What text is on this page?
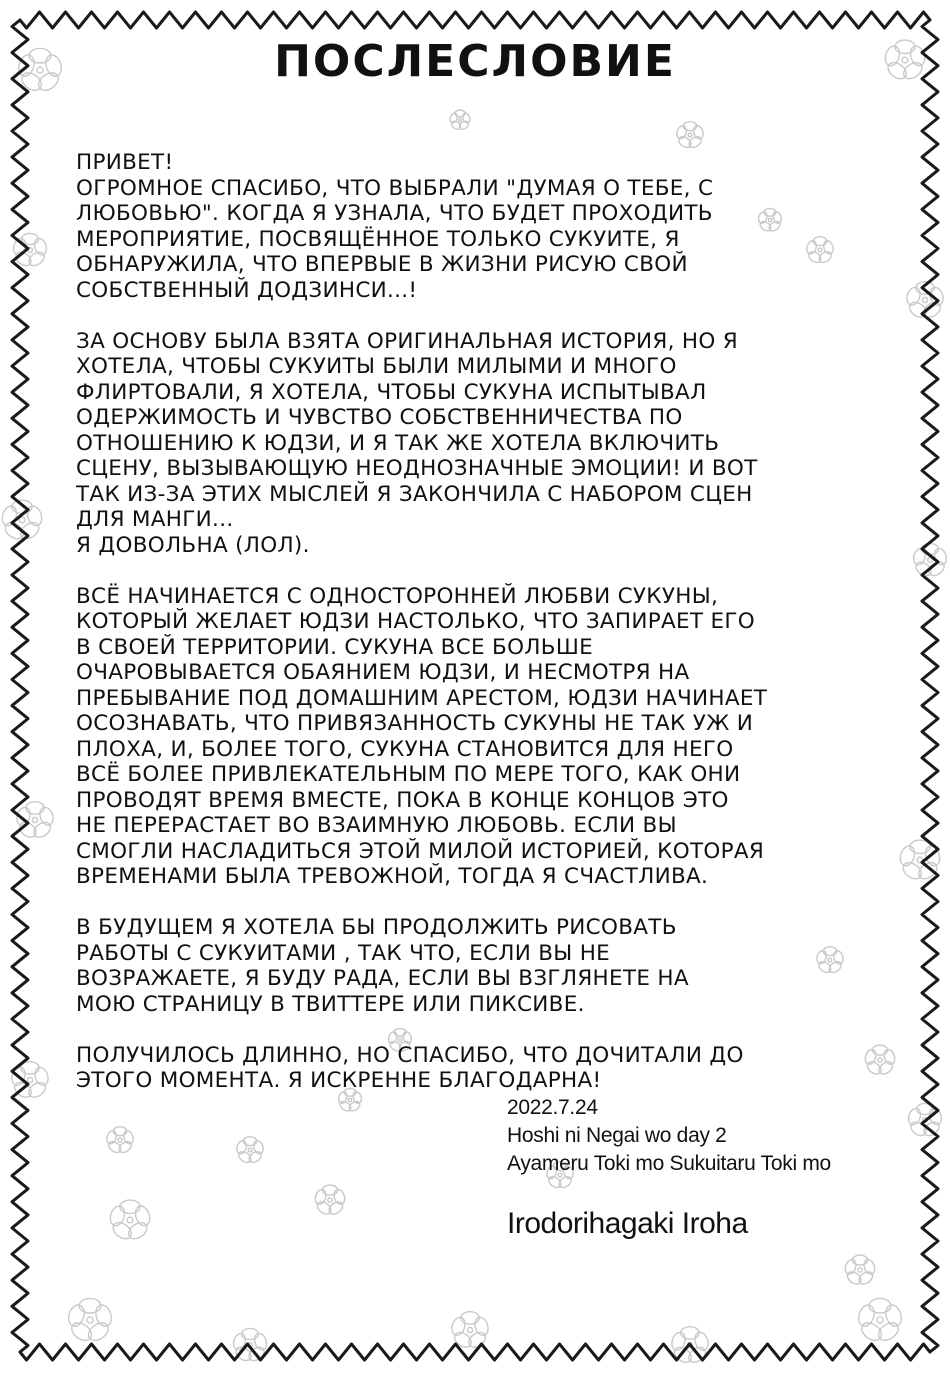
ПОСЛЕСЛОВИЕ

ПРИВЕТ!
ОГРОМНОЕ СПАСИБО, ЧТО ВЫБРАЛИ "ДУМАЯ О ТЕБЕ, С
ЛЮБОВЬЮ". КОГДА Я УЗНАЛА, ЧТО БУДЕТ ПРОХОДИТЬ
МЕРОПРИЯТИЕ, ПОСВЯЩЁННОЕ ТОЛЬКО СУКУИТЕ, Я
ОБНАРУЖИЛА, ЧТО ВПЕРВЫЕ В ЖИЗНИ РИСУЮ СВОЙ
СОБСТВЕННЫЙ ДОДЗИНСИ...!

ЗА ОСНОВУ БЫЛА ВЗЯТА ОРИГИНАЛЬНАЯ ИСТОРИЯ, НО Я
ХОТЕЛА, ЧТОБЫ СУКУИТЫ БЫЛИ МИЛЫМИ И МНОГО
ФЛИРТОВАЛИ, Я ХОТЕЛА, ЧТОБЫ СУКУНА ИСПЫТЫВАЛ
ОДЕРЖИМОСТЬ И ЧУВСТВО СОБСТВЕННИЧЕСТВА ПО
ОТНОШЕНИЮ К ЮДЗИ, И Я ТАК ЖЕ ХОТЕЛА ВКЛЮЧИТЬ
СЦЕНУ, ВЫЗЫВАЮЩУЮ НЕОДНОЗНАЧНЫЕ ЭМОЦИИ! И ВОТ
ТАК ИЗ-ЗА ЭТИХ МЫСЛЕЙ Я ЗАКОНЧИЛА С НАБОРОМ СЦЕН
ДЛЯ МАНГИ...
Я ДОВОЛЬНА (ЛОЛ).

ВСЁ НАЧИНАЕТСЯ С ОДНОСТОРОННЕЙ ЛЮБВИ СУКУНЫ,
КОТОРЫЙ ЖЕЛАЕТ ЮДЗИ НАСТОЛЬКО, ЧТО ЗАПИРАЕТ ЕГО
В СВОЕЙ ТЕРРИТОРИИ. СУКУНА ВСЕ БОЛЬШЕ
ОЧАРОВЫВАЕТСЯ ОБАЯНИЕМ ЮДЗИ, И НЕСМОТРЯ НА
ПРЕБЫВАНИЕ ПОД ДОМАШНИМ АРЕСТОМ, ЮДЗИ НАЧИНАЕТ
ОСОЗНАВАТЬ, ЧТО ПРИВЯЗАННОСТЬ СУКУНЫ НЕ ТАК УЖ И
ПЛОХА, И, БОЛЕЕ ТОГО, СУКУНА СТАНОВИТСЯ ДЛЯ НЕГО
ВСЁ БОЛЕЕ ПРИВЛЕКАТЕЛЬНЫМ ПО МЕРЕ ТОГО, КАК ОНИ
ПРОВОДЯТ ВРЕМЯ ВМЕСТЕ, ПОКА В КОНЦЕ КОНЦОВ ЭТО
НЕ ПЕРЕРАСТАЕТ ВО ВЗАИМНУЮ ЛЮБОВЬ. ЕСЛИ ВЫ
СМОГЛИ НАСЛАДИТЬСЯ ЭТОЙ МИЛОЙ ИСТОРИЕЙ, КОТОРАЯ
ВРЕМЕНАМИ БЫЛА ТРЕВОЖНОЙ, ТОГДА Я СЧАСТЛИВА.

В БУДУЩЕМ Я ХОТЕЛА БЫ ПРОДОЛЖИТЬ РИСОВАТЬ
РАБОТЫ С СУКУИТАМИ , ТАК ЧТО, ЕСЛИ ВЫ НЕ
ВОЗРАЖАЕТЕ, Я БУДУ РАДА, ЕСЛИ ВЫ ВЗГЛЯНЕТЕ НА
МОЮ СТРАНИЦУ В ТВИТТЕРЕ ИЛИ ПИКСИВЕ.

ПОЛУЧИЛОСЬ ДЛИННО, НО СПАСИБО, ЧТО ДОЧИТАЛИ ДО
ЭТОГО МОМЕНТА. Я ИСКРЕННЕ БЛАГОДАРНА!

2022.7.24
Hoshi ni Negai wo day 2
Ayameru Toki mo Sukuitaru Toki mo
Irodorihagaki Iroha
